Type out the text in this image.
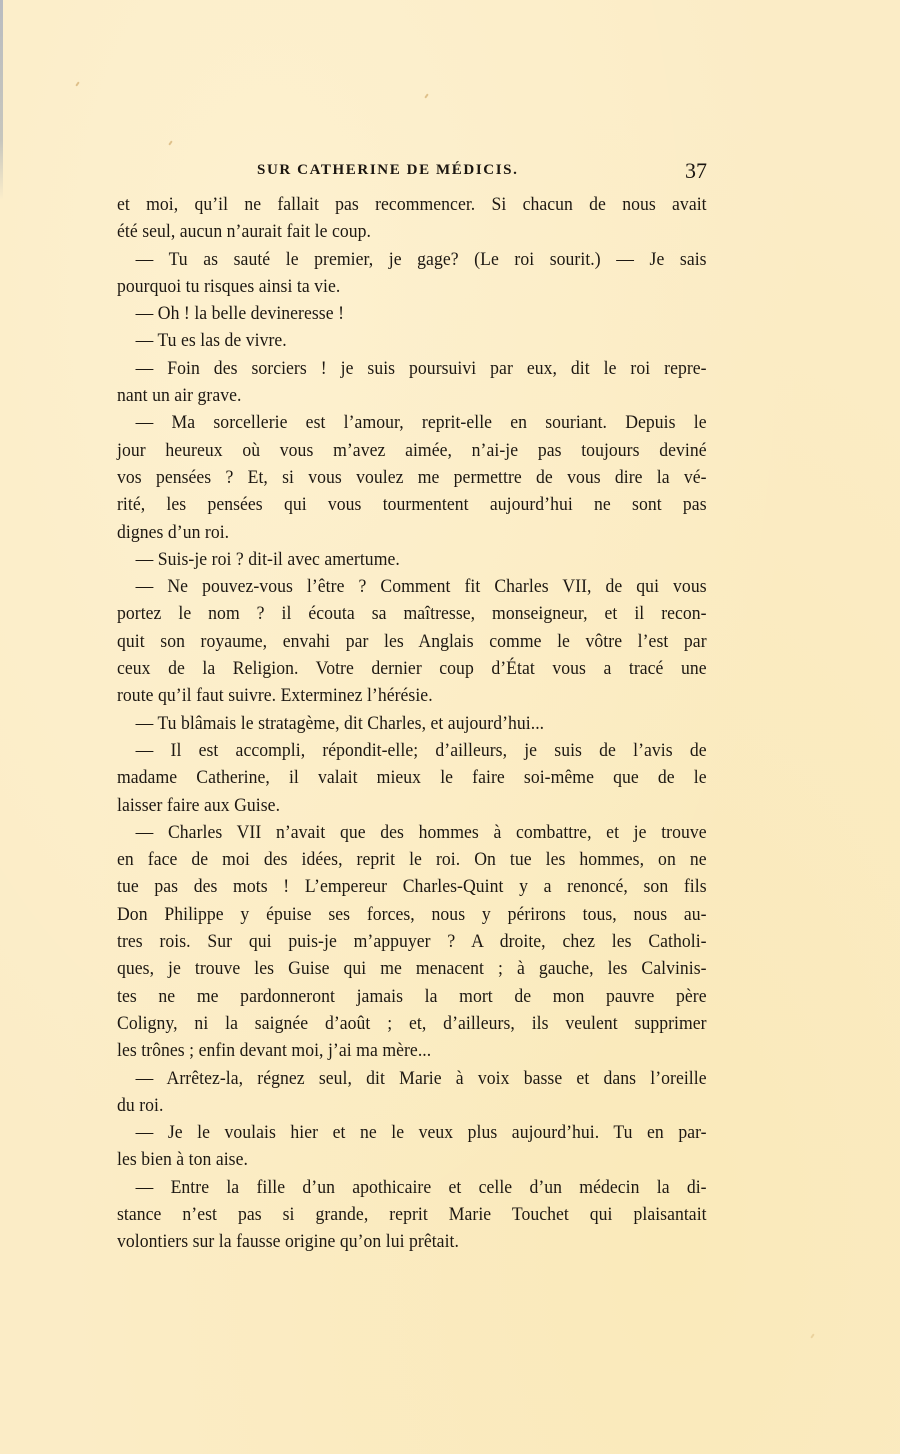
SUR CATHERINE DE MÉDICIS.	37
et moi, qu’il ne fallait pas recommencer. Si chacun de nous avait
été seul, aucun n’aurait fait le coup.
— Tu as sauté le premier, je gage? (Le roi sourit.) — Je sais
pourquoi tu risques ainsi ta vie.
— Oh ! la belle devineresse !
— Tu es las de vivre.
— Foin des sorciers ! je suis poursuivi par eux, dit le roi repre-
nant un air grave.
— Ma sorcellerie est l’amour, reprit-elle en souriant. Depuis le
jour heureux où vous m’avez aimée, n’ai-je pas toujours deviné
vos pensées ? Et, si vous voulez me permettre de vous dire la vé-
rité, les pensées qui vous tourmentent aujourd’hui ne sont pas
dignes d’un roi.
— Suis-je roi ? dit-il avec amertume.
— Ne pouvez-vous l’être ? Comment fit Charles VII, de qui vous
portez le nom ? il écouta sa maîtresse, monseigneur, et il recon-
quit son royaume, envahi par les Anglais comme le vôtre l’est par
ceux de la Religion. Votre dernier coup d’État vous a tracé une
route qu’il faut suivre. Exterminez l’hérésie.
— Tu blâmais le stratagème, dit Charles, et aujourd’hui...
— Il est accompli, répondit-elle; d’ailleurs, je suis de l’avis de
madame Catherine, il valait mieux le faire soi-même que de le
laisser faire aux Guise.
— Charles VII n’avait que des hommes à combattre, et je trouve
en face de moi des idées, reprit le roi. On tue les hommes, on ne
tue pas des mots ! L’empereur Charles-Quint y a renoncé, son fils
Don Philippe y épuise ses forces, nous y périrons tous, nous au-
tres rois. Sur qui puis-je m’appuyer ? A droite, chez les Catholi-
ques, je trouve les Guise qui me menacent ; à gauche, les Calvinis-
tes ne me pardonneront jamais la mort de mon pauvre père
Coligny, ni la saignée d’août ; et, d’ailleurs, ils veulent supprimer
les trônes ; enfin devant moi, j’ai ma mère...
— Arrêtez-la, régnez seul, dit Marie à voix basse et dans l’oreille
du roi.
— Je le voulais hier et ne le veux plus aujourd’hui. Tu en par-
les bien à ton aise.
— Entre la fille d’un apothicaire et celle d’un médecin la di-
stance n’est pas si grande, reprit Marie Touchet qui plaisantait
volontiers sur la fausse origine qu’on lui prêtait.
